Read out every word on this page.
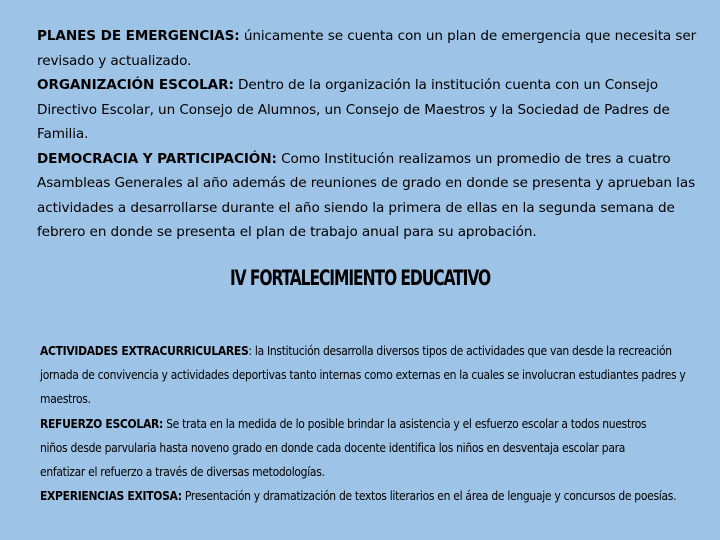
PLANES DE EMERGENCIAS: únicamente se cuenta con un plan de emergencia que necesita ser revisado y actualizado.

ORGANIZACIÓN ESCOLAR: Dentro de la organización la institución cuenta con un Consejo Directivo Escolar, un Consejo de Alumnos, un Consejo de Maestros y la Sociedad de Padres de Familia.

DEMOCRACIA Y PARTICIPACIÓN: Como Institución realizamos un promedio de tres a cuatro Asambleas Generales al año además de reuniones de grado en donde se presenta y aprueban las actividades a desarrollarse durante el año siendo la primera de ellas en la segunda semana de febrero en donde se presenta el plan de trabajo anual para su aprobación.

IV FORTALECIMIENTO EDUCATIVO

ACTIVIDADES EXTRACURRICULARES: la Institución desarrolla diversos tipos de actividades que van desde la recreación jornada de convivencia y actividades deportivas tanto internas como externas en la cuales se involucran estudiantes padres y maestros.

REFUERZO ESCOLAR: Se trata en la medida de lo posible brindar la asistencia y el esfuerzo escolar a todos nuestros niños desde parvularia hasta noveno grado en donde cada docente identifica los niños en desventaja escolar para enfatizar el refuerzo a través de diversas metodologías.

EXPERIENCIAS EXITOSA: Presentación y dramatización de textos literarios en el área de lenguaje y concursos de poesías.
